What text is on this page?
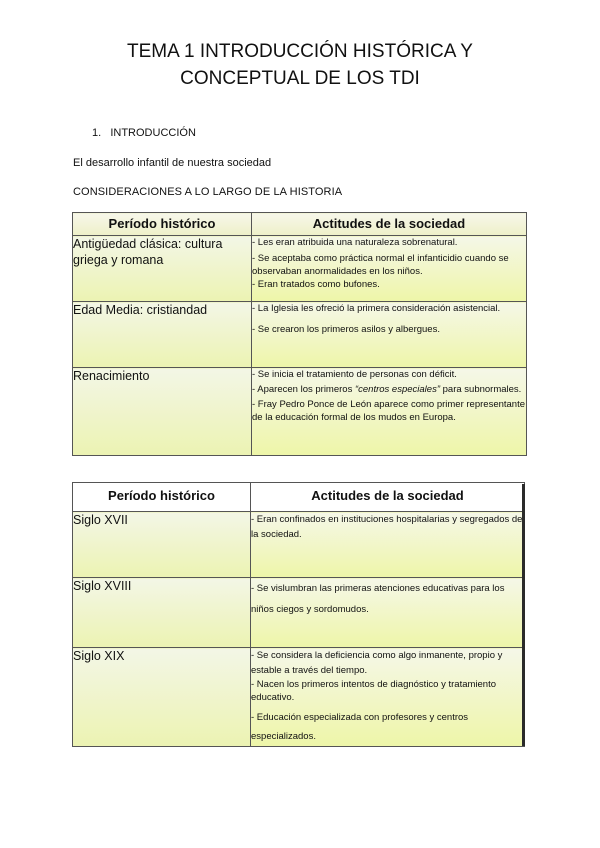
TEMA 1 INTRODUCCIÓN HISTÓRICA Y
CONCEPTUAL DE LOS TDI
1.   INTRODUCCIÓN
El desarrollo infantil de nuestra sociedad
CONSIDERACIONES A LO LARGO DE LA HISTORIA
Período histórico	Actitudes de la sociedad
Antigüedad clásica: cultura griega y romana	- Les eran atribuida una naturaleza sobrenatural.

- Se aceptaba como práctica normal el infanticidio cuando se observaban anormalidades en los niños.

- Eran tratados como bufones.

Edad Media: cristiandad	- La Iglesia les ofreció la primera consideración asistencial.

- Se crearon los primeros asilos y albergues.

Renacimiento	- Se inicia el tratamiento de personas con déficit.

- Aparecen los primeros “centros especiales” para subnormales.

- Fray Pedro Ponce de León aparece como primer representante de la educación formal de los mudos en Europa.

Período histórico	Actitudes de la sociedad
Siglo XVII	- Eran confinados en instituciones hospitalarias y segregados de la sociedad.

Siglo XVIII	- Se vislumbran las primeras atenciones educativas para los niños ciegos y sordomudos.

Siglo XIX	- Se considera la deficiencia como algo inmanente, propio y estable a través del tiempo.

- Nacen los primeros intentos de diagnóstico y tratamiento educativo.

- Educación especializada con profesores y centros especializados.
